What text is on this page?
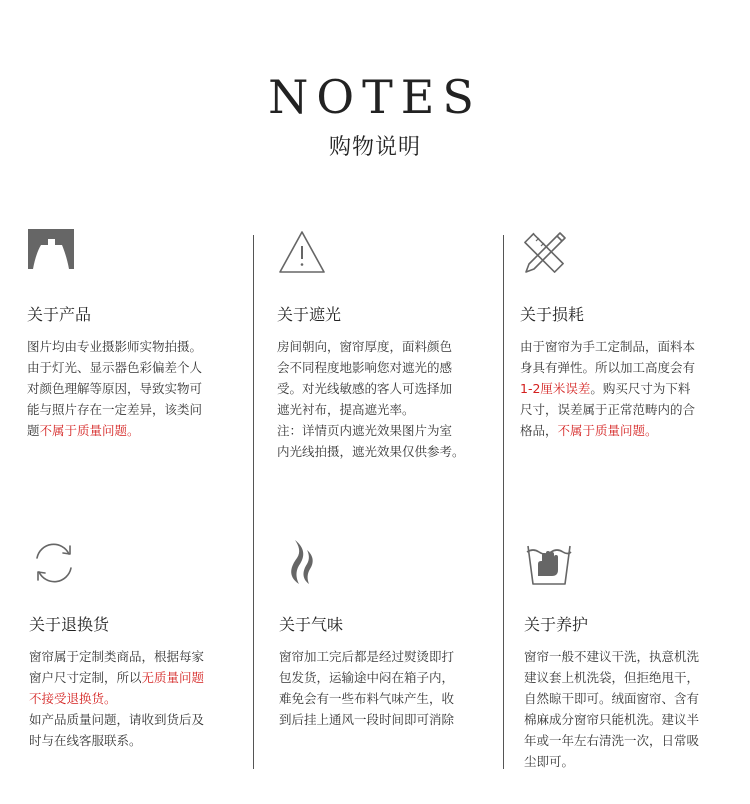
NOTES
购物说明
关于产品
图片均由专业摄影师实物拍摄。
由于灯光、显示器色彩偏差个人
对颜色理解等原因，导致实物可
能与照片存在一定差异，该类问
题不属于质量问题。
关于遮光
房间朝向，窗帘厚度，面料颜色
会不同程度地影响您对遮光的感
受。对光线敏感的客人可选择加
遮光衬布，提高遮光率。
注：详情页内遮光效果图片为室
内光线拍摄，遮光效果仅供参考。
关于损耗
由于窗帘为手工定制品，面料本
身具有弹性。所以加工高度会有
1-2厘米误差。购买尺寸为下料
尺寸，误差属于正常范畴内的合
格品，不属于质量问题。
关于退换货
窗帘属于定制类商品，根据每家
窗户尺寸定制，所以无质量问题
不接受退换货。
如产品质量问题，请收到货后及
时与在线客服联系。
关于气味
窗帘加工完后都是经过熨烫即打
包发货，运输途中闷在箱子内，
难免会有一些布料气味产生，收
到后挂上通风一段时间即可消除
关于养护
窗帘一般不建议干洗，执意机洗
建议套上机洗袋，但拒绝甩干，
自然晾干即可。绒面窗帘、含有
棉麻成分窗帘只能机洗。建议半
年或一年左右清洗一次，日常吸
尘即可。
